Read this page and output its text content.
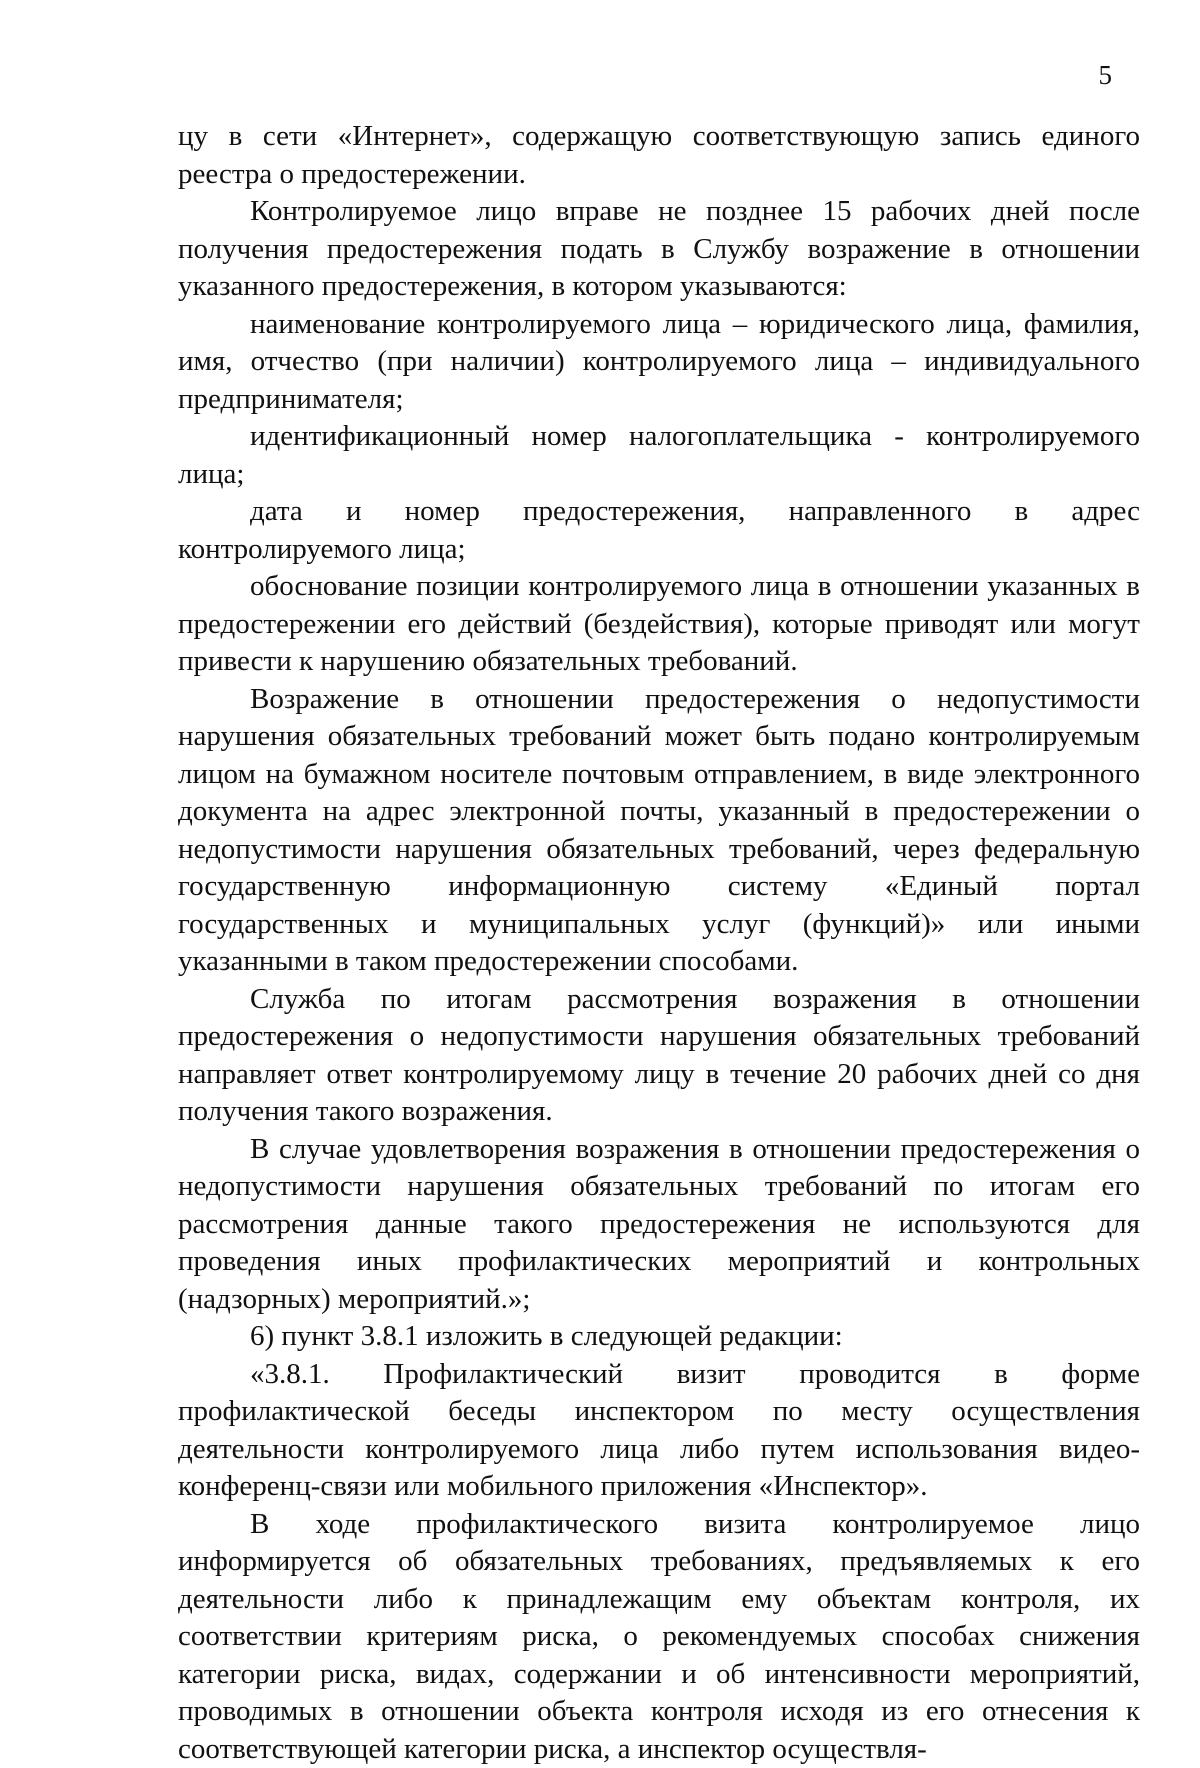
5

цу в сети «Интернет», содержащую соответствующую запись единого реестра о предостережении.

Контролируемое лицо вправе не позднее 15 рабочих дней после получения предостережения подать в Службу возражение в отношении указанного предостережения, в котором указываются:

наименование контролируемого лица – юридического лица, фамилия, имя, отчество (при наличии) контролируемого лица – индивидуального предпринимателя;

идентификационный номер налогоплательщика - контролируемого лица;

дата и номер предостережения, направленного в адрес контролируемого лица;

обоснование позиции контролируемого лица в отношении указанных в предостережении его действий (бездействия), которые приводят или могут привести к нарушению обязательных требований.

Возражение в отношении предостережения о недопустимости нарушения обязательных требований может быть подано контролируемым лицом на бумажном носителе почтовым отправлением, в виде электронного документа на адрес электронной почты, указанный в предостережении о недопустимости нарушения обязательных требований, через федеральную государственную информационную систему «Единый портал государственных и муниципальных услуг (функций)» или иными указанными в таком предостережении способами.

Служба по итогам рассмотрения возражения в отношении предостережения о недопустимости нарушения обязательных требований направляет ответ контролируемому лицу в течение 20 рабочих дней со дня получения такого возражения.

В случае удовлетворения возражения в отношении предостережения о недопустимости нарушения обязательных требований по итогам его рассмотрения данные такого предостережения не используются для проведения иных профилактических мероприятий и контрольных (надзорных) мероприятий.»;

6) пункт 3.8.1 изложить в следующей редакции:

«3.8.1. Профилактический визит проводится в форме профилактической беседы инспектором по месту осуществления деятельности контролируемого лица либо путем использования видео-конференц-связи или мобильного приложения «Инспектор».

В ходе профилактического визита контролируемое лицо информируется об обязательных требованиях, предъявляемых к его деятельности либо к принадлежащим ему объектам контроля, их соответствии критериям риска, о рекомендуемых способах снижения категории риска, видах, содержании и об интенсивности мероприятий, проводимых в отношении объекта контроля исходя из его отнесения к соответствующей категории риска, а инспектор осуществля-
